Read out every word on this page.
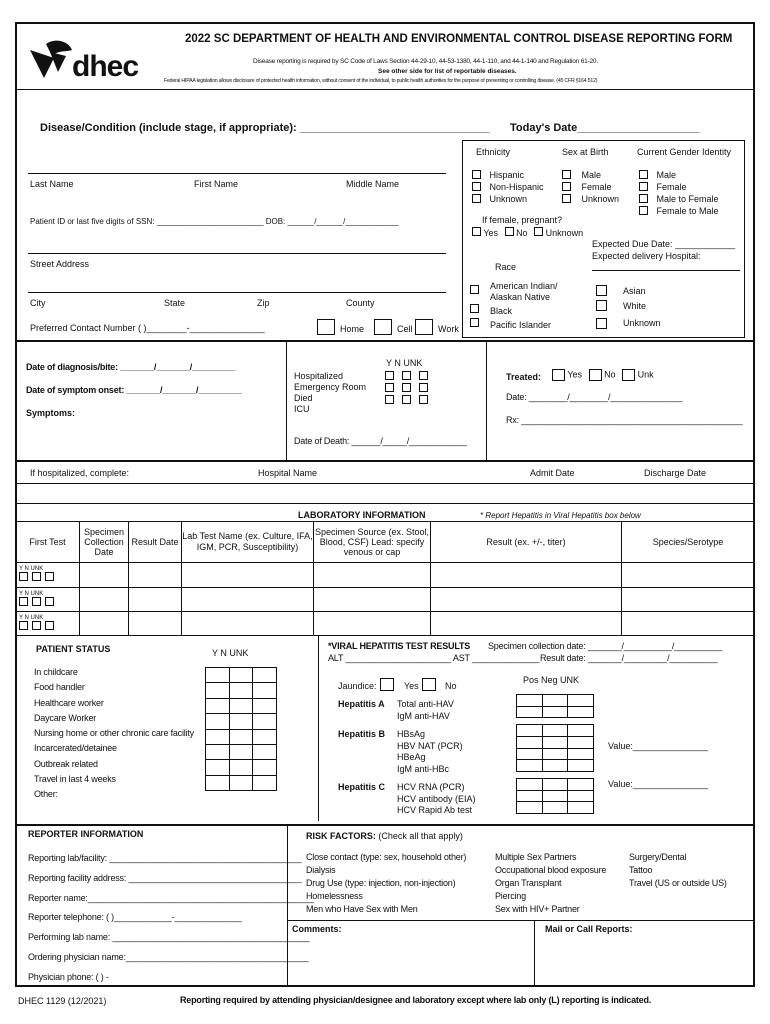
dhec
2022 SC DEPARTMENT OF HEALTH AND ENVIRONMENTAL CONTROL DISEASE REPORTING FORM
Disease reporting is required by SC Code of Laws Section 44-29-10, 44-53-1380, 44-1-110, and 44-1-140 and Regulation 61-20.
See other side for list of reportable diseases.
Federal HIPAA legislation allows disclosure of protected health information, without consent of the individual, to public health authorities for the purpose of preventing or controlling disease. (45 CFR §164.512)
Disease/Condition (include stage, if appropriate): _______________________________ Today's Date____________________
Last Name	First Name	Middle Name
Patient ID or last five digits of SSN: ________________________ DOB: ______/______/____________
Street Address
City	State	Zip	County
Preferred Contact Number ( )________-_______________	Home	Cell	Work
Ethnicity	Sex at Birth	Current Gender Identity
Hispanic
Non-Hispanic
Unknown
Male
Female
Unknown
Male
Female
Male to Female
Female to Male
If female, pregnant?
Yes No Unknown
Expected Due Date: ____________
Expected delivery Hospital:
Race
American Indian/ Alaskan Native
Black
Pacific Islander
Asian
White
Unknown
Date of diagnosis/bite: _______/_______/_________
Date of symptom onset: _______/_______/_________
Symptoms:
Y N UNK
Hospitalized
Emergency Room
Died
ICU
Date of Death: ______/_____/____________
Treated:	Yes No Unk
Date: ________/________/_______________
Rx: ______________________________________________
If hospitalized, complete:	Hospital Name	Admit Date	Discharge Date
LABORATORY INFORMATION	* Report Hepatitis in Viral Hepatitis box below
First Test	Specimen Collection Date	Result Date	Lab Test Name (ex. Culture, IFA, IGM, PCR, Susceptibility)	Specimen Source (ex. Stool, Blood, CSF) Lead: specify venous or cap	Result (ex. +/-, titer)	Species/Serotype

Y N UNK						

Y N UNK						

Y N UNK						

PATIENT STATUS	Y N UNK
In childcare
Food handler
Healthcare worker
Daycare Worker
Nursing home or other chronic care facility
Incarcerated/detainee
Outbreak related
Travel in last 4 weeks
Other:

*VIRAL HEPATITIS TEST RESULTS Specimen collection date: _______/__________/__________
ALT ______________________ AST ______________ Result date: _______/_________/__________
Jaundice:	Yes	No
Pos Neg UNK
Hepatitis A Total anti-HAV
IgM anti-HAV
Hepatitis B HBsAg
HBV NAT (PCR)
HBeAg
IgM anti-HBc
Hepatitis C HCV RNA (PCR)
HCV antibody (EIA)
HCV Rapid Ab test

Value:_______________
Value:_______________
REPORTER INFORMATION
Reporting lab/facility: ________________________________________
Reporting facility address: ____________________________________
Reporter name:_______________________________________________
Reporter telephone: ( )____________-______________
Performing lab name: _________________________________________
Ordering physician name:______________________________________
Physician phone: ( ) -
RISK FACTORS: (Check all that apply)
Close contact (type: sex, household other)
Dialysis
Drug Use (type: injection, non-injection)
Homelessness
Men who Have Sex with Men
Multiple Sex Partners
Occupational blood exposure
Organ Transplant
Piercing
Sex with HIV+ Partner
Surgery/Dental
Tattoo
Travel (US or outside US)
Comments:	Mail or Call Reports:
DHEC 1129 (12/2021)	Reporting required by attending physician/designee and laboratory except where lab only (L) reporting is indicated.
